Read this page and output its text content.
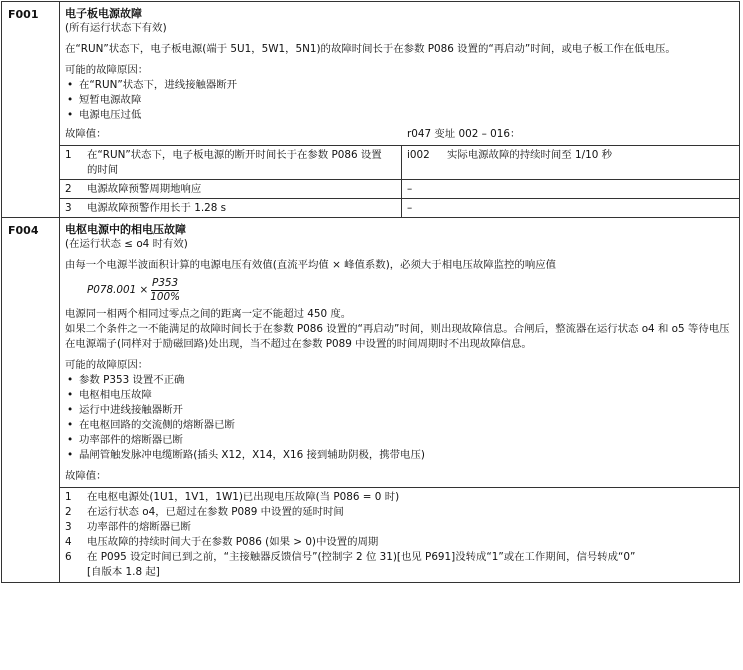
F001	电子板电源故障

(所有运行状态下有效)

在“RUN”状态下，电子板电源(端于 5U1，5W1，5N1)的故障时间长于在参数 P086 设置的“再启动”时间，或电子板工作在低电压。

可能的故障原因：

• 在“RUN”状态下，进线接触器断开
• 短暂电源故障
• 电源电压过低
故障值：	r047 变址 002 – 016：
1 在“RUN”状态下，电子板电源的断开时间长于在参数 P086 设置的时间	i002 实际电源故障的持续时间至 1/10 秒
2 电源故障预警周期地响应	–
3 电源故障预警作用长于 1.28 s	–

F004	电枢电源中的相电压故障

(在运行状态 ≤ o4 时有效)

由每一个电源半波面积计算的电源电压有效值(直流平均值 × 峰值系数)，必须大于相电压故障监控的响应值

$P078.001 \times \frac{P353}{100\%}$

电源同一相两个相同过零点之间的距离一定不能超过 450 度。

如果二个条件之一不能满足的故障时间长于在参数 P086 设置的“再启动”时间，则出现故障信息。合闸后，整流器在运行状态 o4 和 o5 等待电压在电源端子(同样对于励磁回路)处出现，当不超过在参数 P089 中设置的时间周期时不出现故障信息。

可能的故障原因：

• 参数 P353 设置不正确
• 电枢相电压故障
• 运行中进线接触器断开
• 在电枢回路的交流侧的熔断器已断
• 功率部件的熔断器已断
• 晶闸管触发脉冲电缆断路(插头 X12，X14，X16 接到辅助阴极，携带电压)

故障值：

1	在电枢电源处(1U1，1V1，1W1)已出现电压故障(当 P086 = 0 时)
2	在运行状态 o4，已超过在参数 P089 中设置的延时时间
3	功率部件的熔断器已断
4	电压故障的持续时间大于在参数 P086 (如果 > 0)中设置的周期
6	在 P095 设定时间已到之前，“主接触器反馈信号”(控制字 2 位 31)[也见 P691]没转成“1”或在工作期间，信号转成“0”
[自版本 1.8 起]
